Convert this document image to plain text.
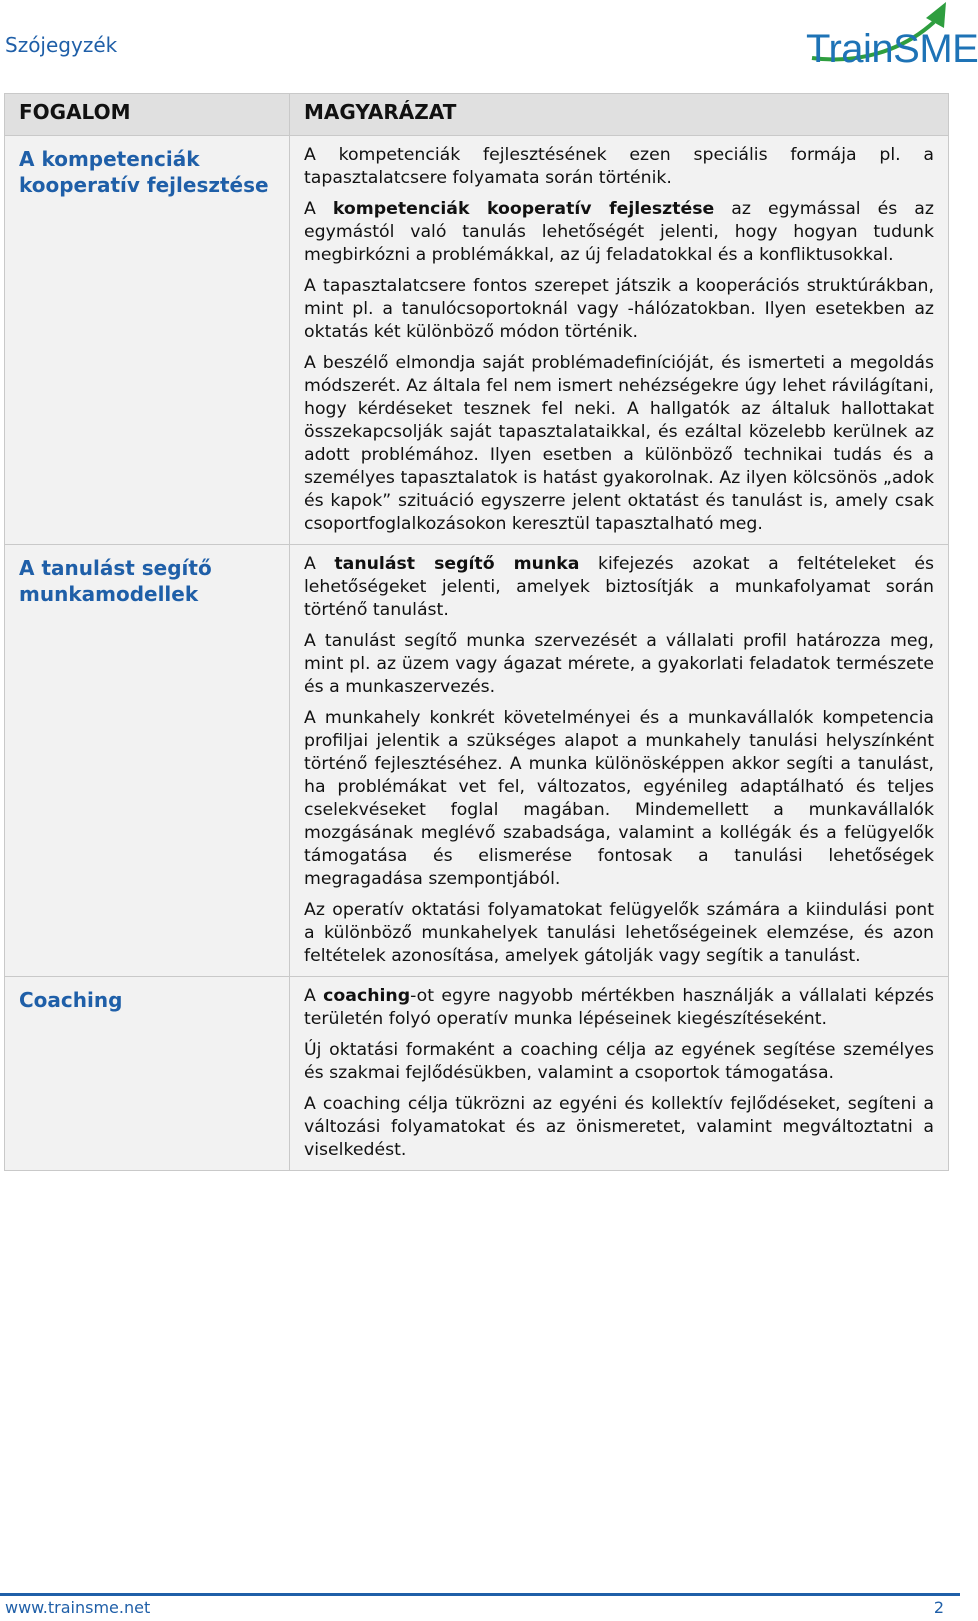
Szójegyzék	TrainSME
FOGALOM	MAGYARÁZAT
A kompetenciák kooperatív fejlesztése	A kompetenciák fejlesztésének ezen speciális formája pl. a tapasztalatcsere folyamata során történik.

A kompetenciák kooperatív fejlesztése az egymással és az egymástól való tanulás lehetőségét jelenti, hogy hogyan tudunk megbirkózni a problémákkal, az új feladatokkal és a konfliktusokkal.

A tapasztalatcsere fontos szerepet játszik a kooperációs struktúrákban, mint pl. a tanulócsoportoknál vagy -hálózatokban. Ilyen esetekben az oktatás két különböző módon történik.

A beszélő elmondja saját problémadefinícióját, és ismerteti a megoldás módszerét. Az általa fel nem ismert nehézségekre úgy lehet rávilágítani, hogy kérdéseket tesznek fel neki. A hallgatók az általuk hallottakat összekapcsolják saját tapasztalataikkal, és ezáltal közelebb kerülnek az adott problémához. Ilyen esetben a különböző technikai tudás és a személyes tapasztalatok is hatást gyakorolnak. Az ilyen kölcsönös „adok és kapok” szituáció egyszerre jelent oktatást és tanulást is, amely csak csoportfoglalkozásokon keresztül tapasztalható meg.

A tanulást segítő munkamodellek	A tanulást segítő munka kifejezés azokat a feltételeket és lehetőségeket jelenti, amelyek biztosítják a munkafolyamat során történő tanulást.

A tanulást segítő munka szervezését a vállalati profil határozza meg, mint pl. az üzem vagy ágazat mérete, a gyakorlati feladatok természete és a munkaszervezés.

A munkahely konkrét követelményei és a munkavállalók kompetencia profiljai jelentik a szükséges alapot a munkahely tanulási helyszínként történő fejlesztéséhez. A munka különösképpen akkor segíti a tanulást, ha problémákat vet fel, változatos, egyénileg adaptálható és teljes cselekvéseket foglal magában. Mindemellett a munkavállalók mozgásának meglévő szabadsága, valamint a kollégák és a felügyelők támogatása és elismerése fontosak a tanulási lehetőségek megragadása szempontjából.

Az operatív oktatási folyamatokat felügyelők számára a kiindulási pont a különböző munkahelyek tanulási lehetőségeinek elemzése, és azon feltételek azonosítása, amelyek gátolják vagy segítik a tanulást.

Coaching	A coaching-ot egyre nagyobb mértékben használják a vállalati képzés területén folyó operatív munka lépéseinek kiegészítéseként.

Új oktatási formaként a coaching célja az egyének segítése személyes és szakmai fejlődésükben, valamint a csoportok támogatása.

A coaching célja tükrözni az egyéni és kollektív fejlődéseket, segíteni a változási folyamatokat és az önismeretet, valamint megváltoztatni a viselkedést.

www.trainsme.net	2
